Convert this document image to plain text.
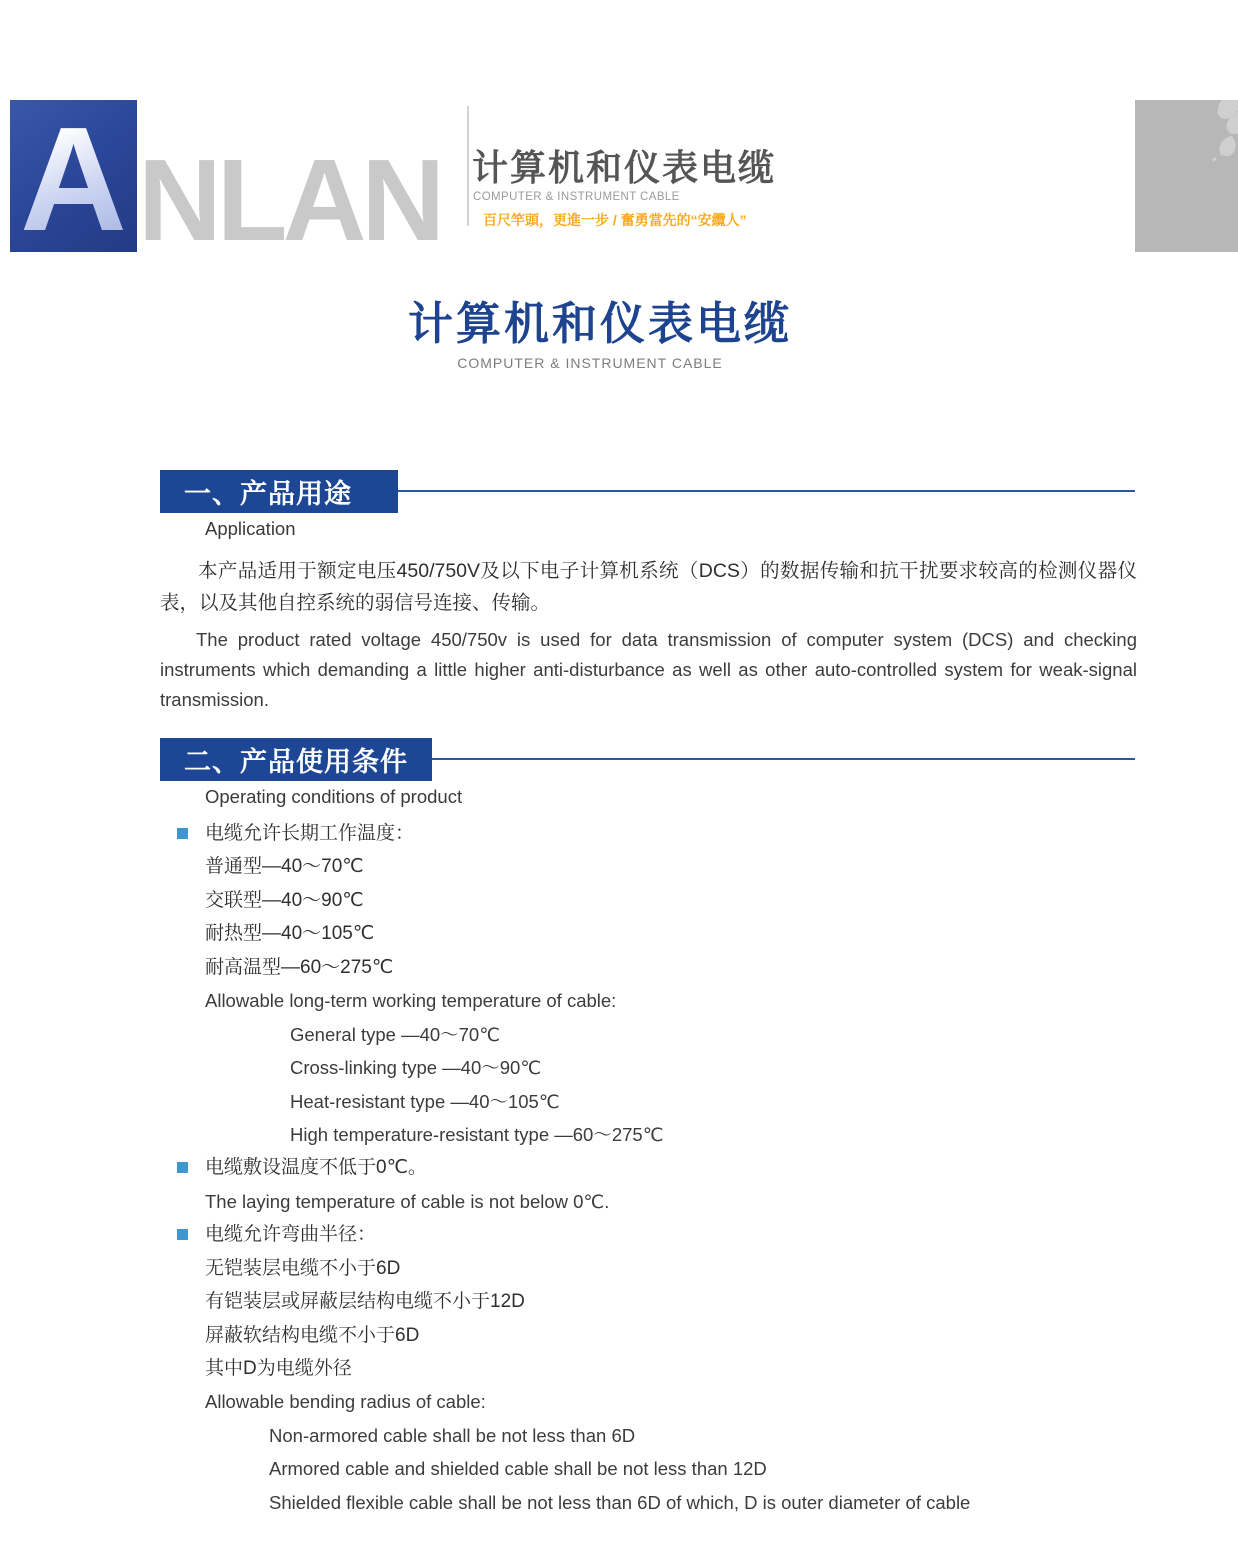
A NLAN 计算机和仪表电缆
COMPUTER & INSTRUMENT CABLE
百尺竿頭，更進一步 / 奮勇當先的“安纜人”
计算机和仪表电缆
COMPUTER & INSTRUMENT CABLE
一、产品用途
Application
本产品适用于额定电压450/750V及以下电子计算机系统（DCS）的数据传输和抗干扰要求较高的检测仪器仪表，以及其他自控系统的弱信号连接、传输。
The product rated voltage 450/750v is used for data transmission of computer system (DCS) and checking instruments which demanding a little higher anti-disturbance as well as other auto-controlled system for weak-signal transmission.
二、产品使用条件
Operating conditions of product
电缆允许长期工作温度：
普通型—40～70℃
交联型—40～90℃
耐热型—40～105℃
耐高温型—60～275℃
Allowable long-term working temperature of cable:
General type —40～70℃
Cross-linking type —40～90℃
Heat-resistant type —40～105℃
High temperature-resistant type —60～275℃
电缆敷设温度不低于0℃。
The laying temperature of cable is not below 0℃.
电缆允许弯曲半径：
无铠装层电缆不小于6D
有铠装层或屏蔽层结构电缆不小于12D
屏蔽软结构电缆不小于6D
其中D为电缆外径
Allowable bending radius of cable:
Non-armored cable shall be not less than 6D
Armored cable and shielded cable shall be not less than 12D
Shielded flexible cable shall be not less than 6D of which, D is outer diameter of cable
